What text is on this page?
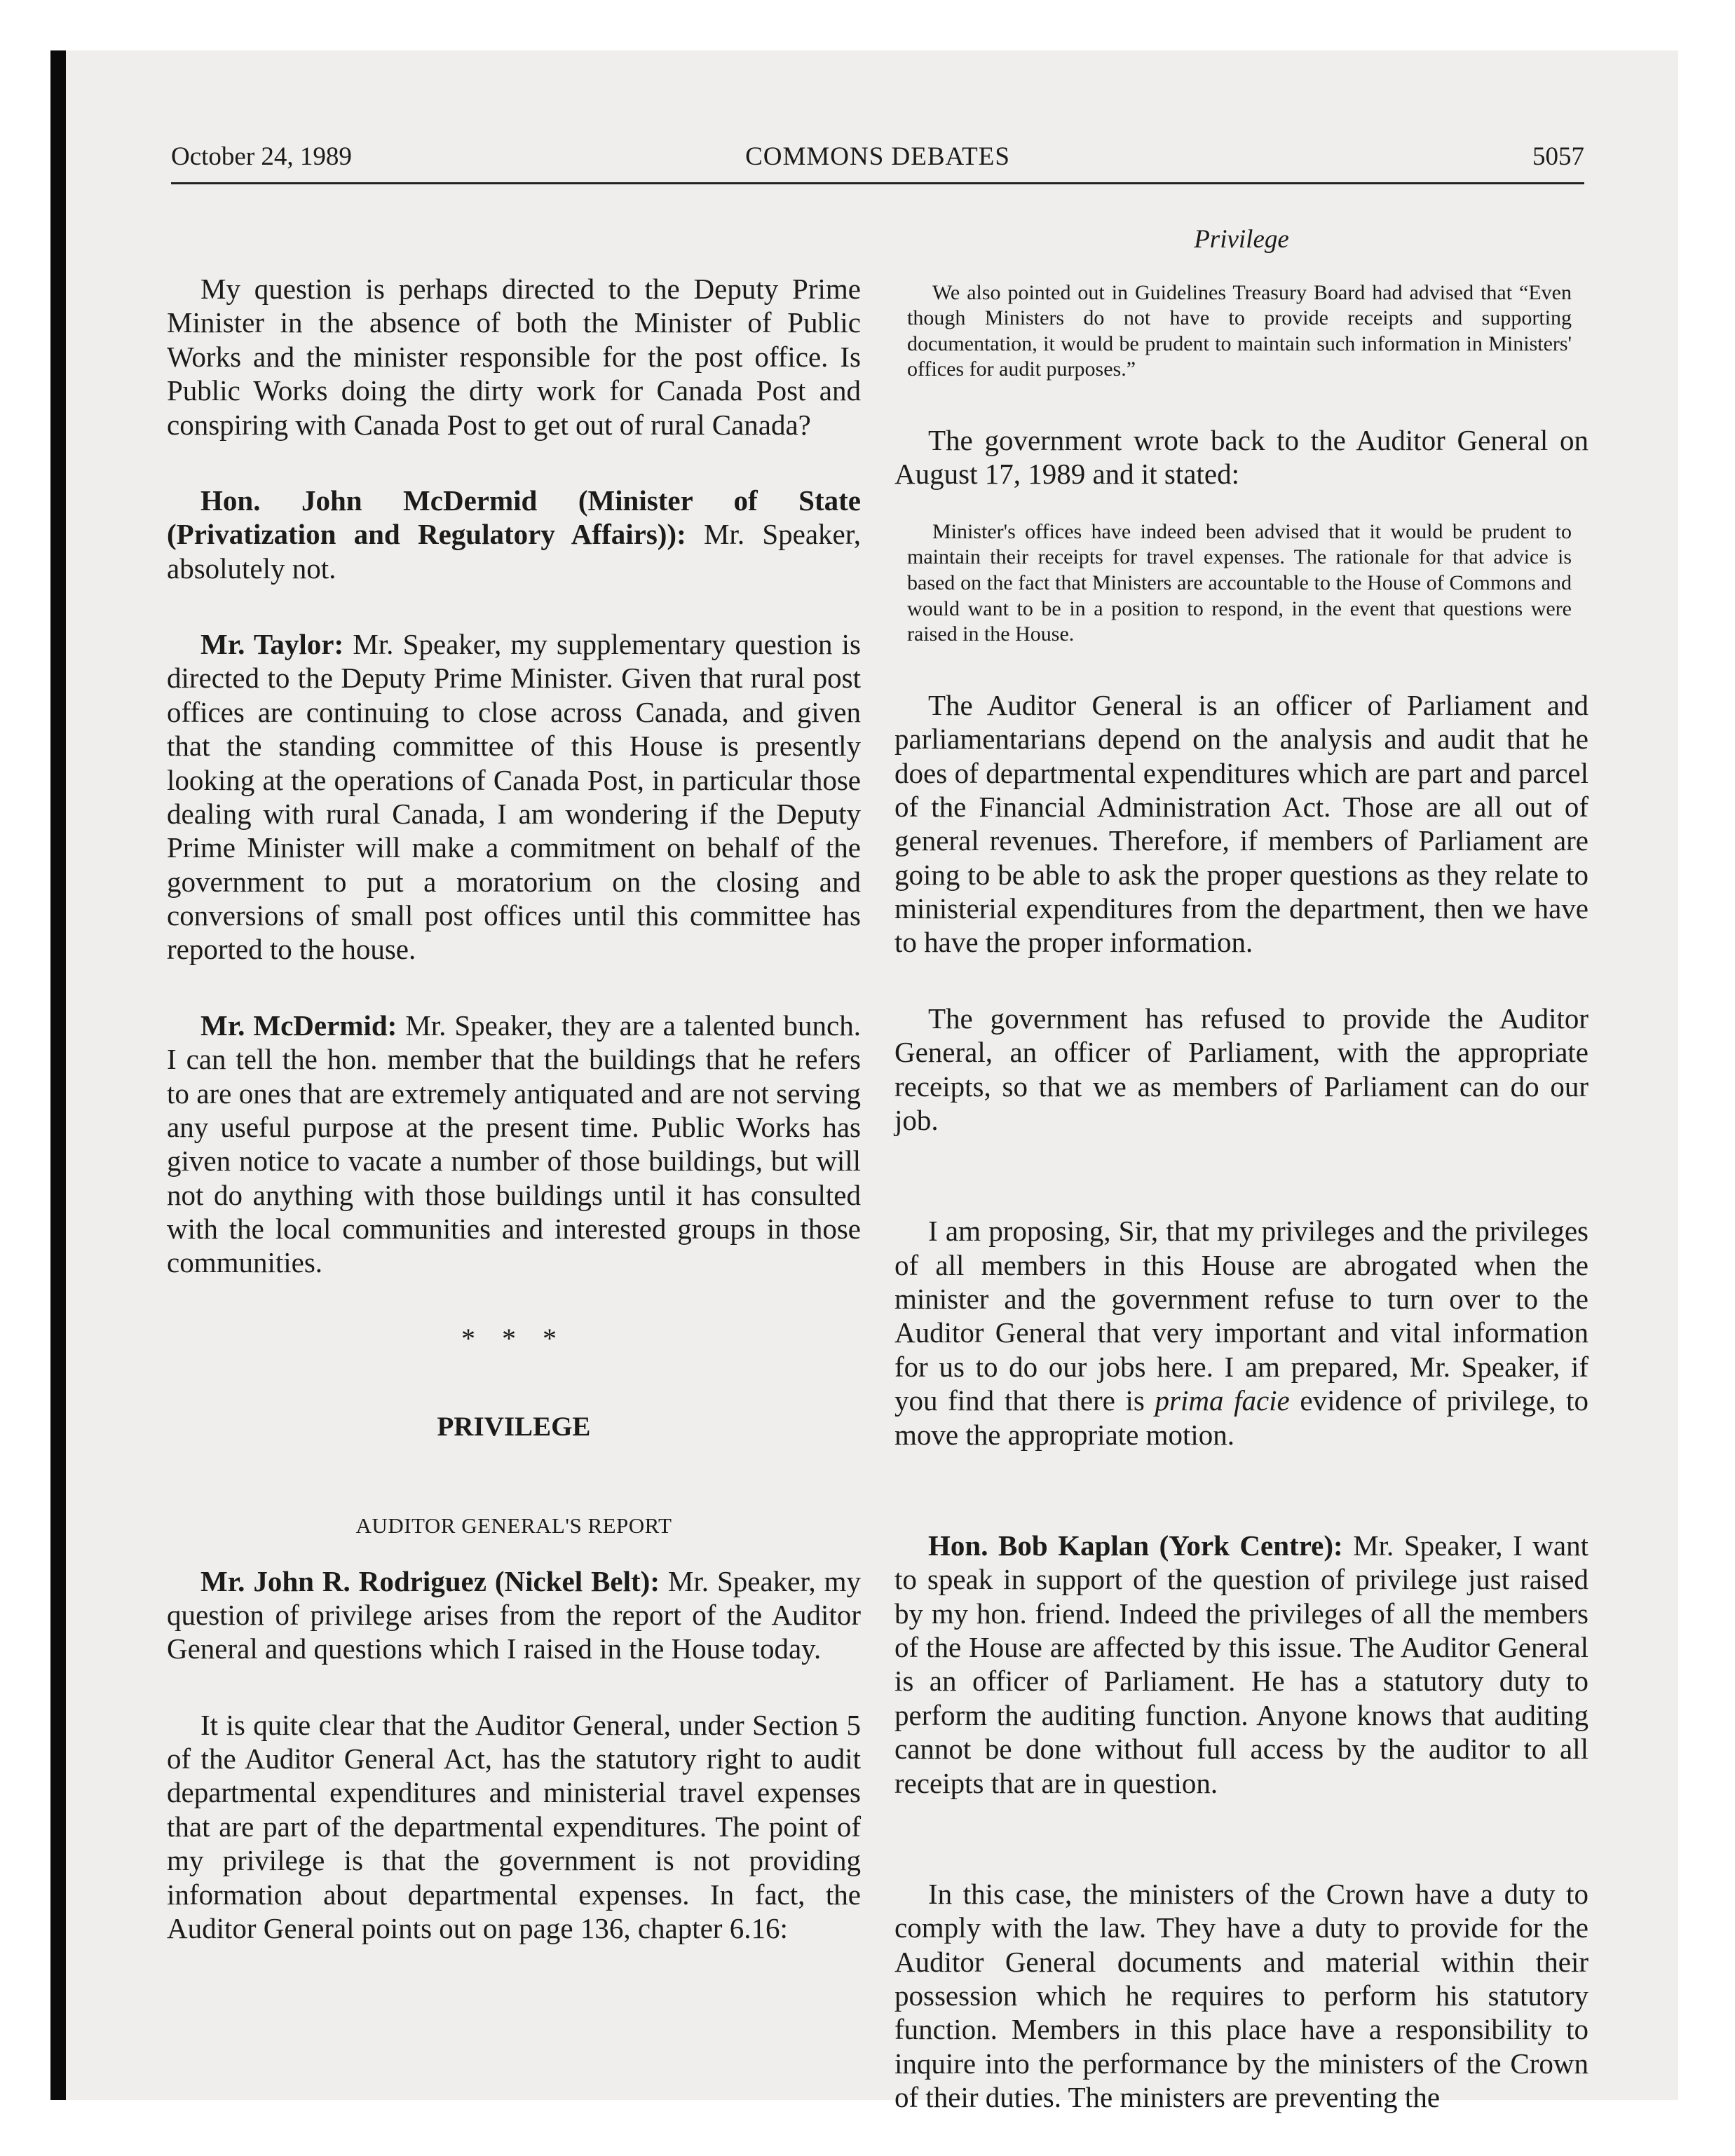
October 24, 1989	COMMONS DEBATES	5057

My question is perhaps directed to the Deputy Prime Minister in the absence of both the Minister of Public Works and the minister responsible for the post office. Is Public Works doing the dirty work for Canada Post and conspiring with Canada Post to get out of rural Canada?

Hon. John McDermid (Minister of State (Privatization and Regulatory Affairs)): Mr. Speaker, absolutely not.

Mr. Taylor: Mr. Speaker, my supplementary question is directed to the Deputy Prime Minister. Given that rural post offices are continuing to close across Canada, and given that the standing committee of this House is presently looking at the operations of Canada Post, in particular those dealing with rural Canada, I am wondering if the Deputy Prime Minister will make a commitment on behalf of the government to put a moratorium on the closing and conversions of small post offices until this committee has reported to the house.

Mr. McDermid: Mr. Speaker, they are a talented bunch. I can tell the hon. member that the buildings that he refers to are ones that are extremely antiquated and are not serving any useful purpose at the present time. Public Works has given notice to vacate a number of those buildings, but will not do anything with those buildings until it has consulted with the local communities and interested groups in those communities.

* * *

PRIVILEGE

AUDITOR GENERAL'S REPORT

Mr. John R. Rodriguez (Nickel Belt): Mr. Speaker, my question of privilege arises from the report of the Auditor General and questions which I raised in the House today.

It is quite clear that the Auditor General, under Section 5 of the Auditor General Act, has the statutory right to audit departmental expenditures and ministerial travel expenses that are part of the departmental expenditures. The point of my privilege is that the government is not providing information about departmental expenses. In fact, the Auditor General points out on page 136, chapter 6.16:

Privilege

We also pointed out in Guidelines Treasury Board had advised that “Even though Ministers do not have to provide receipts and supporting documentation, it would be prudent to maintain such information in Ministers' offices for audit purposes.”

The government wrote back to the Auditor General on August 17, 1989 and it stated:

Minister's offices have indeed been advised that it would be prudent to maintain their receipts for travel expenses. The rationale for that advice is based on the fact that Ministers are accountable to the House of Commons and would want to be in a position to respond, in the event that questions were raised in the House.

The Auditor General is an officer of Parliament and parliamentarians depend on the analysis and audit that he does of departmental expenditures which are part and parcel of the Financial Administration Act. Those are all out of general revenues. Therefore, if members of Parliament are going to be able to ask the proper questions as they relate to ministerial expenditures from the department, then we have to have the proper information.

The government has refused to provide the Auditor General, an officer of Parliament, with the appropriate receipts, so that we as members of Parliament can do our job.

I am proposing, Sir, that my privileges and the privileges of all members in this House are abrogated when the minister and the government refuse to turn over to the Auditor General that very important and vital information for us to do our jobs here. I am prepared, Mr. Speaker, if you find that there is prima facie evidence of privilege, to move the appropriate motion.

Hon. Bob Kaplan (York Centre): Mr. Speaker, I want to speak in support of the question of privilege just raised by my hon. friend. Indeed the privileges of all the members of the House are affected by this issue. The Auditor General is an officer of Parliament. He has a statutory duty to perform the auditing function. Anyone knows that auditing cannot be done without full access by the auditor to all receipts that are in question.

In this case, the ministers of the Crown have a duty to comply with the law. They have a duty to provide for the Auditor General documents and material within their possession which he requires to perform his statutory function. Members in this place have a responsibility to inquire into the performance by the ministers of the Crown of their duties. The ministers are preventing the
